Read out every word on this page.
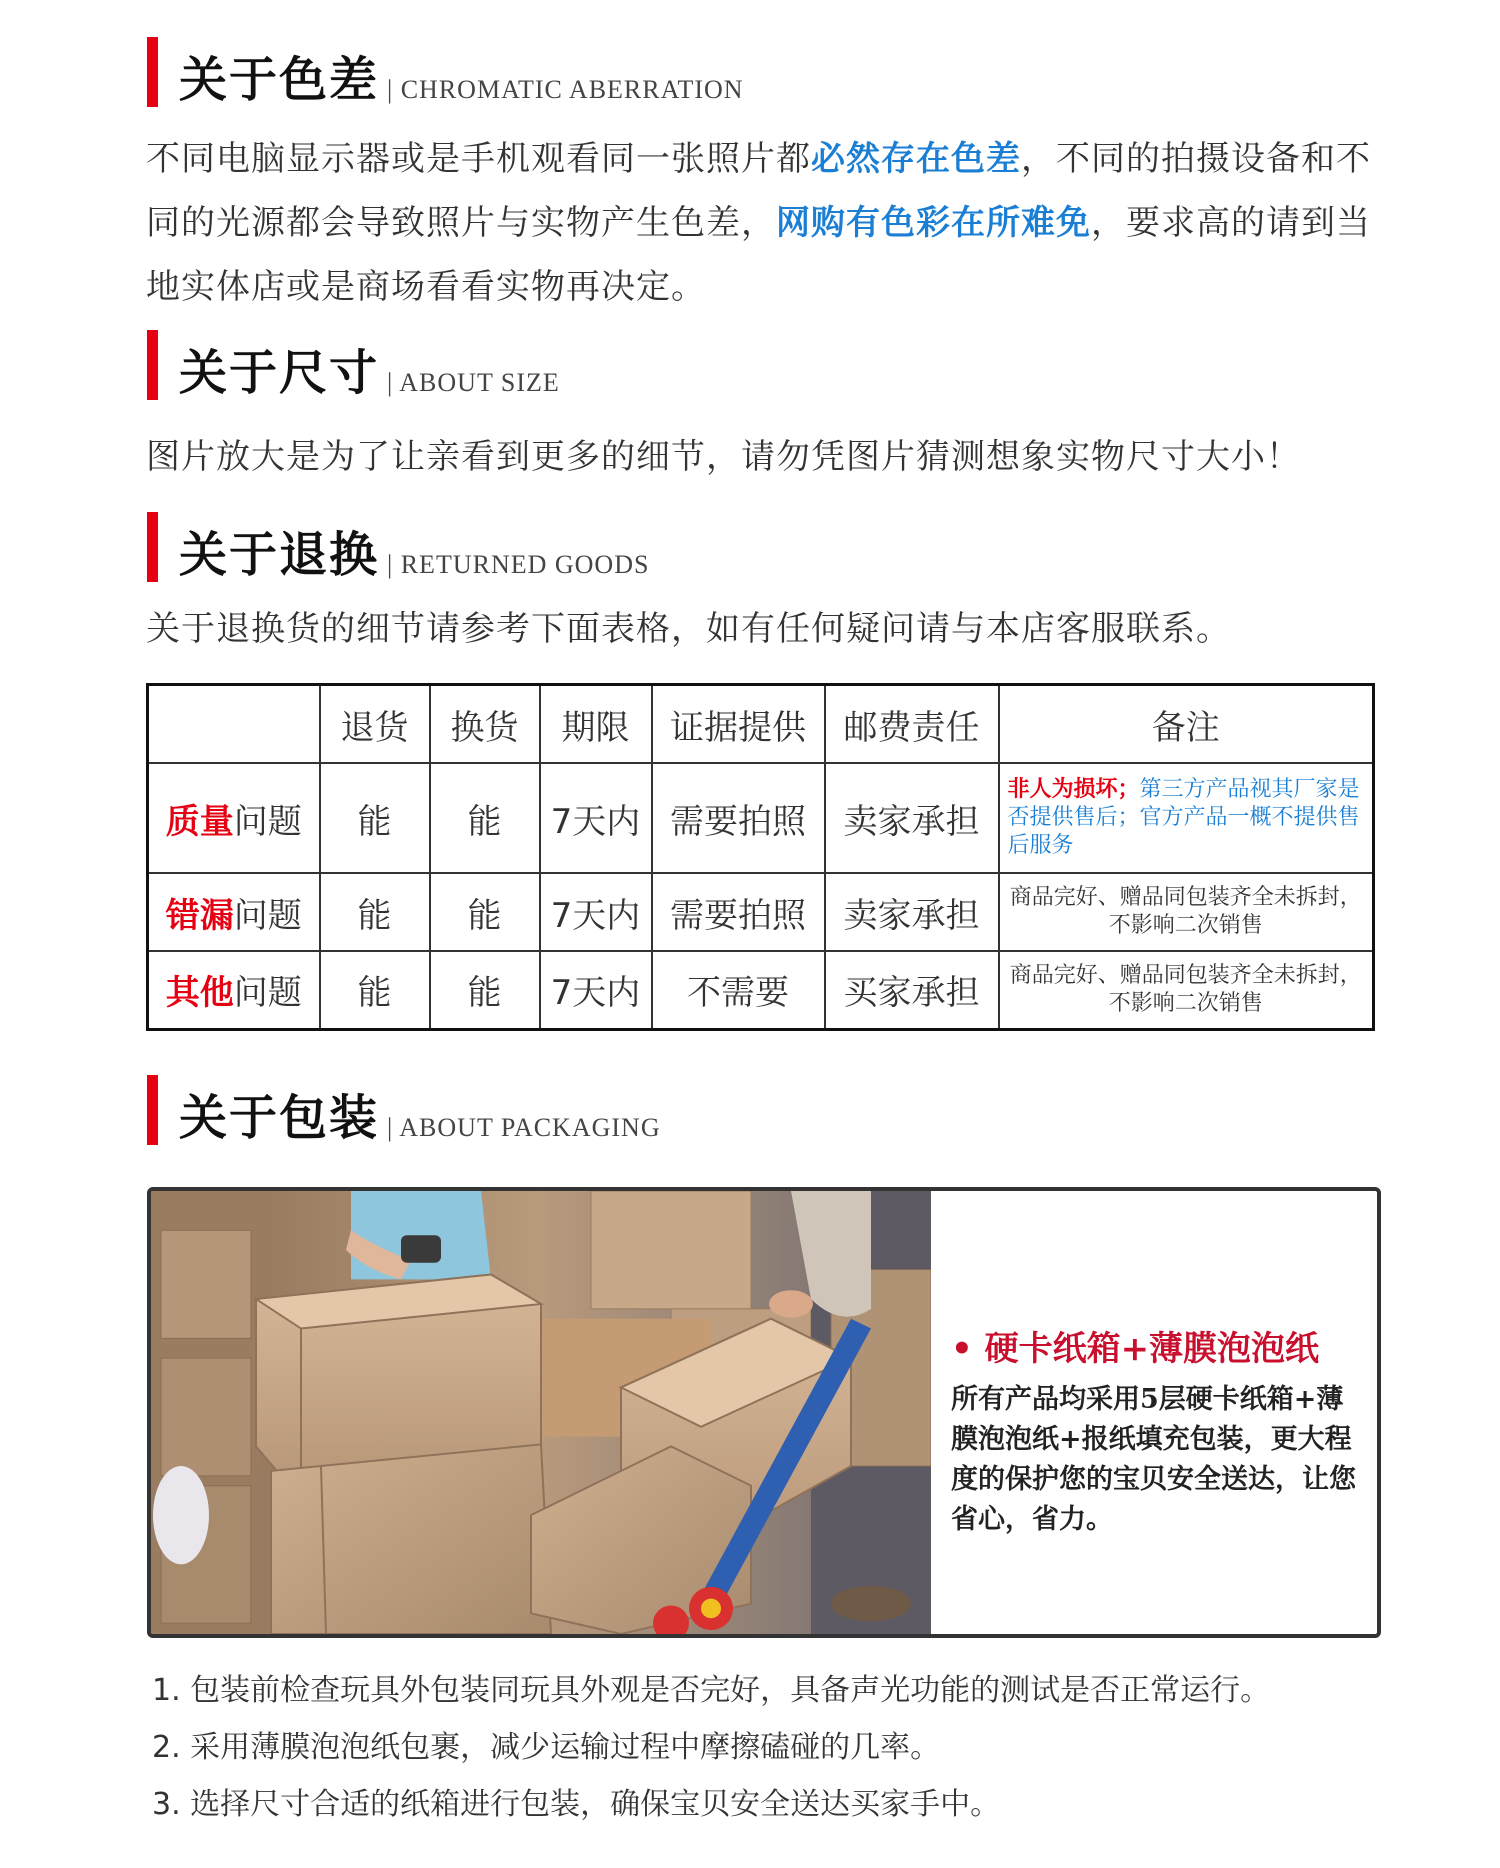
关于色差 | CHROMATIC ABERRATION
不同电脑显示器或是手机观看同一张照片都必然存在色差，不同的拍摄设备和不同的光源都会导致照片与实物产生色差，网购有色彩在所难免，要求高的请到当地实体店或是商场看看实物再决定。
关于尺寸 | ABOUT SIZE
图片放大是为了让亲看到更多的细节，请勿凭图片猜测想象实物尺寸大小！
关于退换 | RETURNED GOODS
关于退换货的细节请参考下面表格，如有任何疑问请与本店客服联系。
	退货	换货	期限	证据提供	邮费责任	备注
质量问题	能	能	7天内	需要拍照	卖家承担	非人为损坏；第三方产品视其厂家是否提供售后；官方产品一概不提供售后服务
错漏问题	能	能	7天内	需要拍照	卖家承担	商品完好、赠品同包装齐全未拆封，不影响二次销售
其他问题	能	能	7天内	不需要	买家承担	商品完好、赠品同包装齐全未拆封，不影响二次销售
关于包装 | ABOUT PACKAGING
• 硬卡纸箱+薄膜泡泡纸
所有产品均采用5层硬卡纸箱+薄膜泡泡纸+报纸填充包装，更大程度的保护您的宝贝安全送达，让您省心，省力。
1. 包装前检查玩具外包装同玩具外观是否完好，具备声光功能的测试是否正常运行。
2. 采用薄膜泡泡纸包裹，减少运输过程中摩擦磕碰的几率。
3. 选择尺寸合适的纸箱进行包装，确保宝贝安全送达买家手中。
